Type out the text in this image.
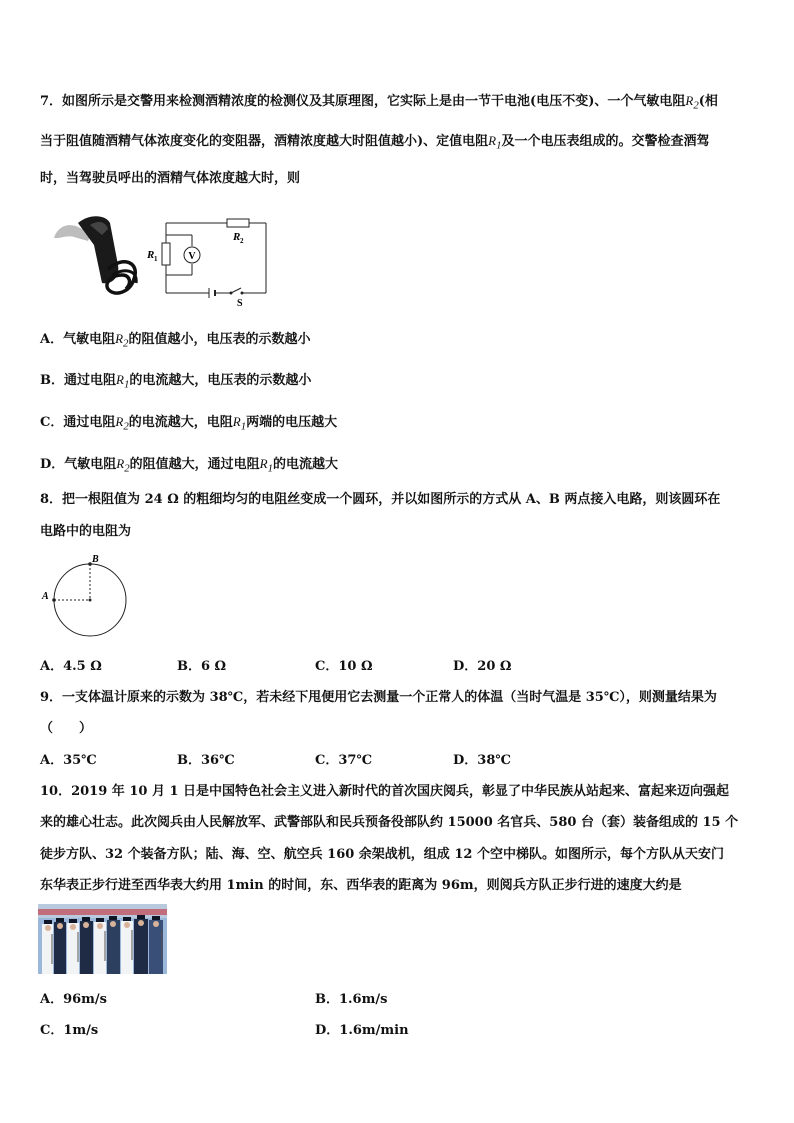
7．如图所示是交警用来检测酒精浓度的检测仪及其原理图，它实际上是由一节干电池(电压不变)、一个气敏电阻$R_2$(相
当于阻值随酒精气体浓度变化的变阻器，酒精浓度越大时阻值越小)、定值电阻$R_1$及一个电压表组成的。交警检查酒驾
时，当驾驶员呼出的酒精气体浓度越大时，则
V
R 1
R 2
S
A．气敏电阻$R_2$的阻值越小，电压表的示数越小
B．通过电阻$R_1$的电流越大，电压表的示数越小
C．通过电阻$R_2$的电流越大，电阻$R_1$两端的电压越大
D．气敏电阻$R_2$的阻值越大，通过电阻$R_1$的电流越大
8．把一根阻值为 24 Ω 的粗细均匀的电阻丝变成一个圆环，并以如图所示的方式从 A、B 两点接入电路，则该圆环在
电路中的电阻为
A
B
A．4.5 Ω	B．6 Ω	C．10 Ω	D．20 Ω
9．一支体温计原来的示数为 38℃，若未经下甩便用它去测量一个正常人的体温（当时气温是 35℃），则测量结果为
（　　）
A．35℃	B．36℃	C．37℃	D．38℃
10．2019 年 10 月 1 日是中国特色社会主义进入新时代的首次国庆阅兵，彰显了中华民族从站起来、富起来迈向强起
来的雄心壮志。此次阅兵由人民解放军、武警部队和民兵预备役部队约 15000 名官兵、580 台（套）装备组成的 15 个
徒步方队、32 个装备方队；陆、海、空、航空兵 160 余架战机，组成 12 个空中梯队。如图所示，每个方队从天安门
东华表正步行进至西华表大约用 1min 的时间，东、西华表的距离为 96m，则阅兵方队正步行进的速度大约是
A．96m/s	B．1.6m/s
C．1m/s	D．1.6m/min
